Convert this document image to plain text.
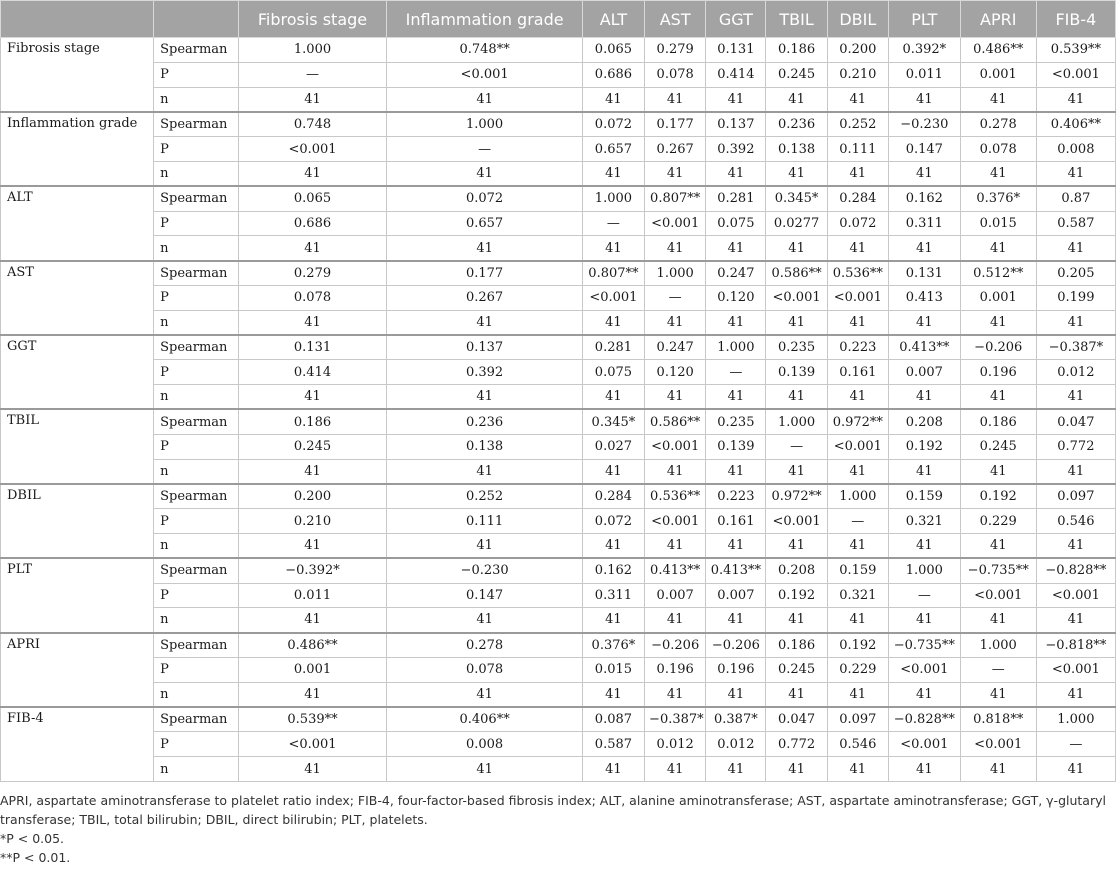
		Fibrosis stage	Inflammation grade	ALT	AST	GGT	TBIL	DBIL	PLT	APRI	FIB-4
Fibrosis stage	Spearman	1.000	0.748**	0.065	0.279	0.131	0.186	0.200	0.392*	0.486**	0.539**
	P	—	<0.001	0.686	0.078	0.414	0.245	0.210	0.011	0.001	<0.001
	n	41	41	41	41	41	41	41	41	41	41
Inflammation grade	Spearman	0.748	1.000	0.072	0.177	0.137	0.236	0.252	−0.230	0.278	0.406**
	P	<0.001	—	0.657	0.267	0.392	0.138	0.111	0.147	0.078	0.008
	n	41	41	41	41	41	41	41	41	41	41
ALT	Spearman	0.065	0.072	1.000	0.807**	0.281	0.345*	0.284	0.162	0.376*	0.87
	P	0.686	0.657	—	<0.001	0.075	0.0277	0.072	0.311	0.015	0.587
	n	41	41	41	41	41	41	41	41	41	41
AST	Spearman	0.279	0.177	0.807**	1.000	0.247	0.586**	0.536**	0.131	0.512**	0.205
	P	0.078	0.267	<0.001	—	0.120	<0.001	<0.001	0.413	0.001	0.199
	n	41	41	41	41	41	41	41	41	41	41
GGT	Spearman	0.131	0.137	0.281	0.247	1.000	0.235	0.223	0.413**	−0.206	−0.387*
	P	0.414	0.392	0.075	0.120	—	0.139	0.161	0.007	0.196	0.012
	n	41	41	41	41	41	41	41	41	41	41
TBIL	Spearman	0.186	0.236	0.345*	0.586**	0.235	1.000	0.972**	0.208	0.186	0.047
	P	0.245	0.138	0.027	<0.001	0.139	—	<0.001	0.192	0.245	0.772
	n	41	41	41	41	41	41	41	41	41	41
DBIL	Spearman	0.200	0.252	0.284	0.536**	0.223	0.972**	1.000	0.159	0.192	0.097
	P	0.210	0.111	0.072	<0.001	0.161	<0.001	—	0.321	0.229	0.546
	n	41	41	41	41	41	41	41	41	41	41
PLT	Spearman	−0.392*	−0.230	0.162	0.413**	0.413**	0.208	0.159	1.000	−0.735**	−0.828**
	P	0.011	0.147	0.311	0.007	0.007	0.192	0.321	—	<0.001	<0.001
	n	41	41	41	41	41	41	41	41	41	41
APRI	Spearman	0.486**	0.278	0.376*	−0.206	−0.206	0.186	0.192	−0.735**	1.000	−0.818**
	P	0.001	0.078	0.015	0.196	0.196	0.245	0.229	<0.001	—	<0.001
	n	41	41	41	41	41	41	41	41	41	41
FIB-4	Spearman	0.539**	0.406**	0.087	−0.387*	0.387*	0.047	0.097	−0.828**	0.818**	1.000
	P	<0.001	0.008	0.587	0.012	0.012	0.772	0.546	<0.001	<0.001	—
	n	41	41	41	41	41	41	41	41	41	41

APRI, aspartate aminotransferase to platelet ratio index; FIB-4, four-factor-based fibrosis index; ALT, alanine aminotransferase; AST, aspartate aminotransferase; GGT, γ-glutaryl transferase; TBIL, total bilirubin; DBIL, direct bilirubin; PLT, platelets.

*P < 0.05.

**P < 0.01.
